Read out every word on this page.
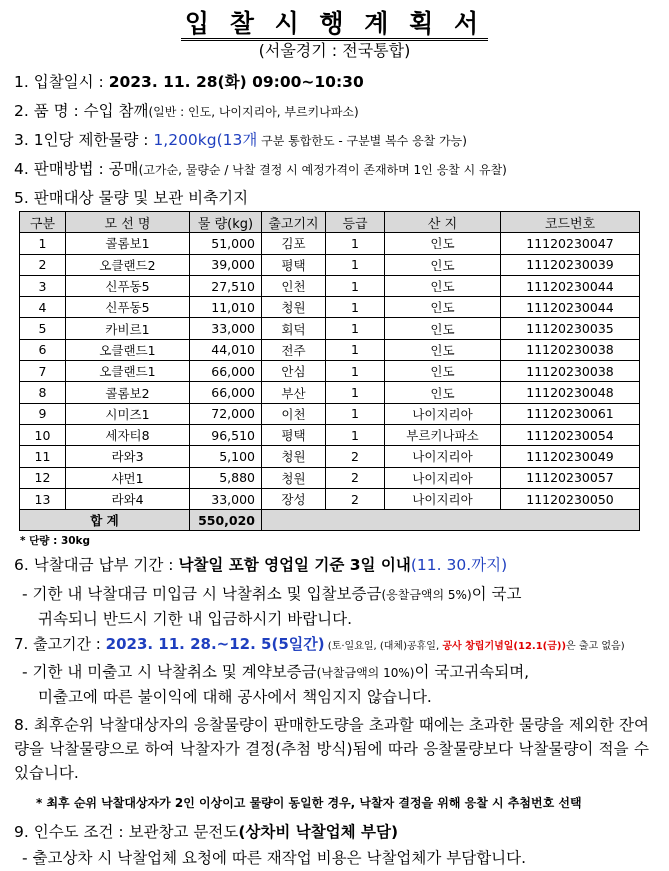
입 찰 시 행 계 획 서
(서울경기 : 전국통합)
1. 입찰일시 : 2023. 11. 28(화) 09:00~10:30
2. 품 명 : 수입 참깨(일반 : 인도, 나이지리아, 부르키나파소)
3. 1인당 제한물량 : 1,200kg(13개 구분 통합한도 - 구분별 복수 응찰 가능)
4. 판매방법 : 공매(고가순, 물량순 / 낙찰 결정 시 예정가격이 존재하며 1인 응찰 시 유찰)
5. 판매대상 물량 및 보관 비축기지
구분	모 선 명	물 량(kg)	출고기지	등급	산 지	코드번호
1	콜롬보1	51,000	김포	1	인도	11120230047
2	오클랜드2	39,000	평택	1	인도	11120230039
3	신푸동5	27,510	인천	1	인도	11120230044
4	신푸동5	11,010	청원	1	인도	11120230044
5	카비르1	33,000	회덕	1	인도	11120230035
6	오클랜드1	44,010	전주	1	인도	11120230038
7	오클랜드1	66,000	안심	1	인도	11120230038
8	콜롬보2	66,000	부산	1	인도	11120230048
9	시미즈1	72,000	이천	1	나이지리아	11120230061
10	세자티8	96,510	평택	1	부르키나파소	11120230054
11	라와3	5,100	청원	2	나이지리아	11120230049
12	샤먼1	5,880	청원	2	나이지리아	11120230057
13	라와4	33,000	장성	2	나이지리아	11120230050
합 계		550,020				
* 단량 : 30kg
6. 낙찰대금 납부 기간 : 낙찰일 포함 영업일 기준 3일 이내(11. 30.까지)
- 기한 내 낙찰대금 미입금 시 낙찰취소 및 입찰보증금(응찰금액의 5%)이 국고
귀속되니 반드시 기한 내 입금하시기 바랍니다.
7. 출고기간 : 2023. 11. 28.~12. 5(5일간) (토·일요일, (대체)공휴일, 공사 창립기념일(12.1(금))은 출고 없음)
- 기한 내 미출고 시 낙찰취소 및 계약보증금(낙찰금액의 10%)이 국고귀속되며,
미출고에 따른 불이익에 대해 공사에서 책임지지 않습니다.
8. 최후순위 낙찰대상자의 응찰물량이 판매한도량을 초과할 때에는 초과한 물량을 제외한 잔여량을 낙찰물량으로 하여 낙찰자가 결정(추첨 방식)됨에 따라 응찰물량보다 낙찰물량이 적을 수 있습니다.
* 최후 순위 낙찰대상자가 2인 이상이고 물량이 동일한 경우, 낙찰자 결정을 위해 응찰 시 추첨번호 선택
9. 인수도 조건 : 보관창고 문전도(상차비 낙찰업체 부담)
- 출고상차 시 낙찰업체 요청에 따른 재작업 비용은 낙찰업체가 부담합니다.
